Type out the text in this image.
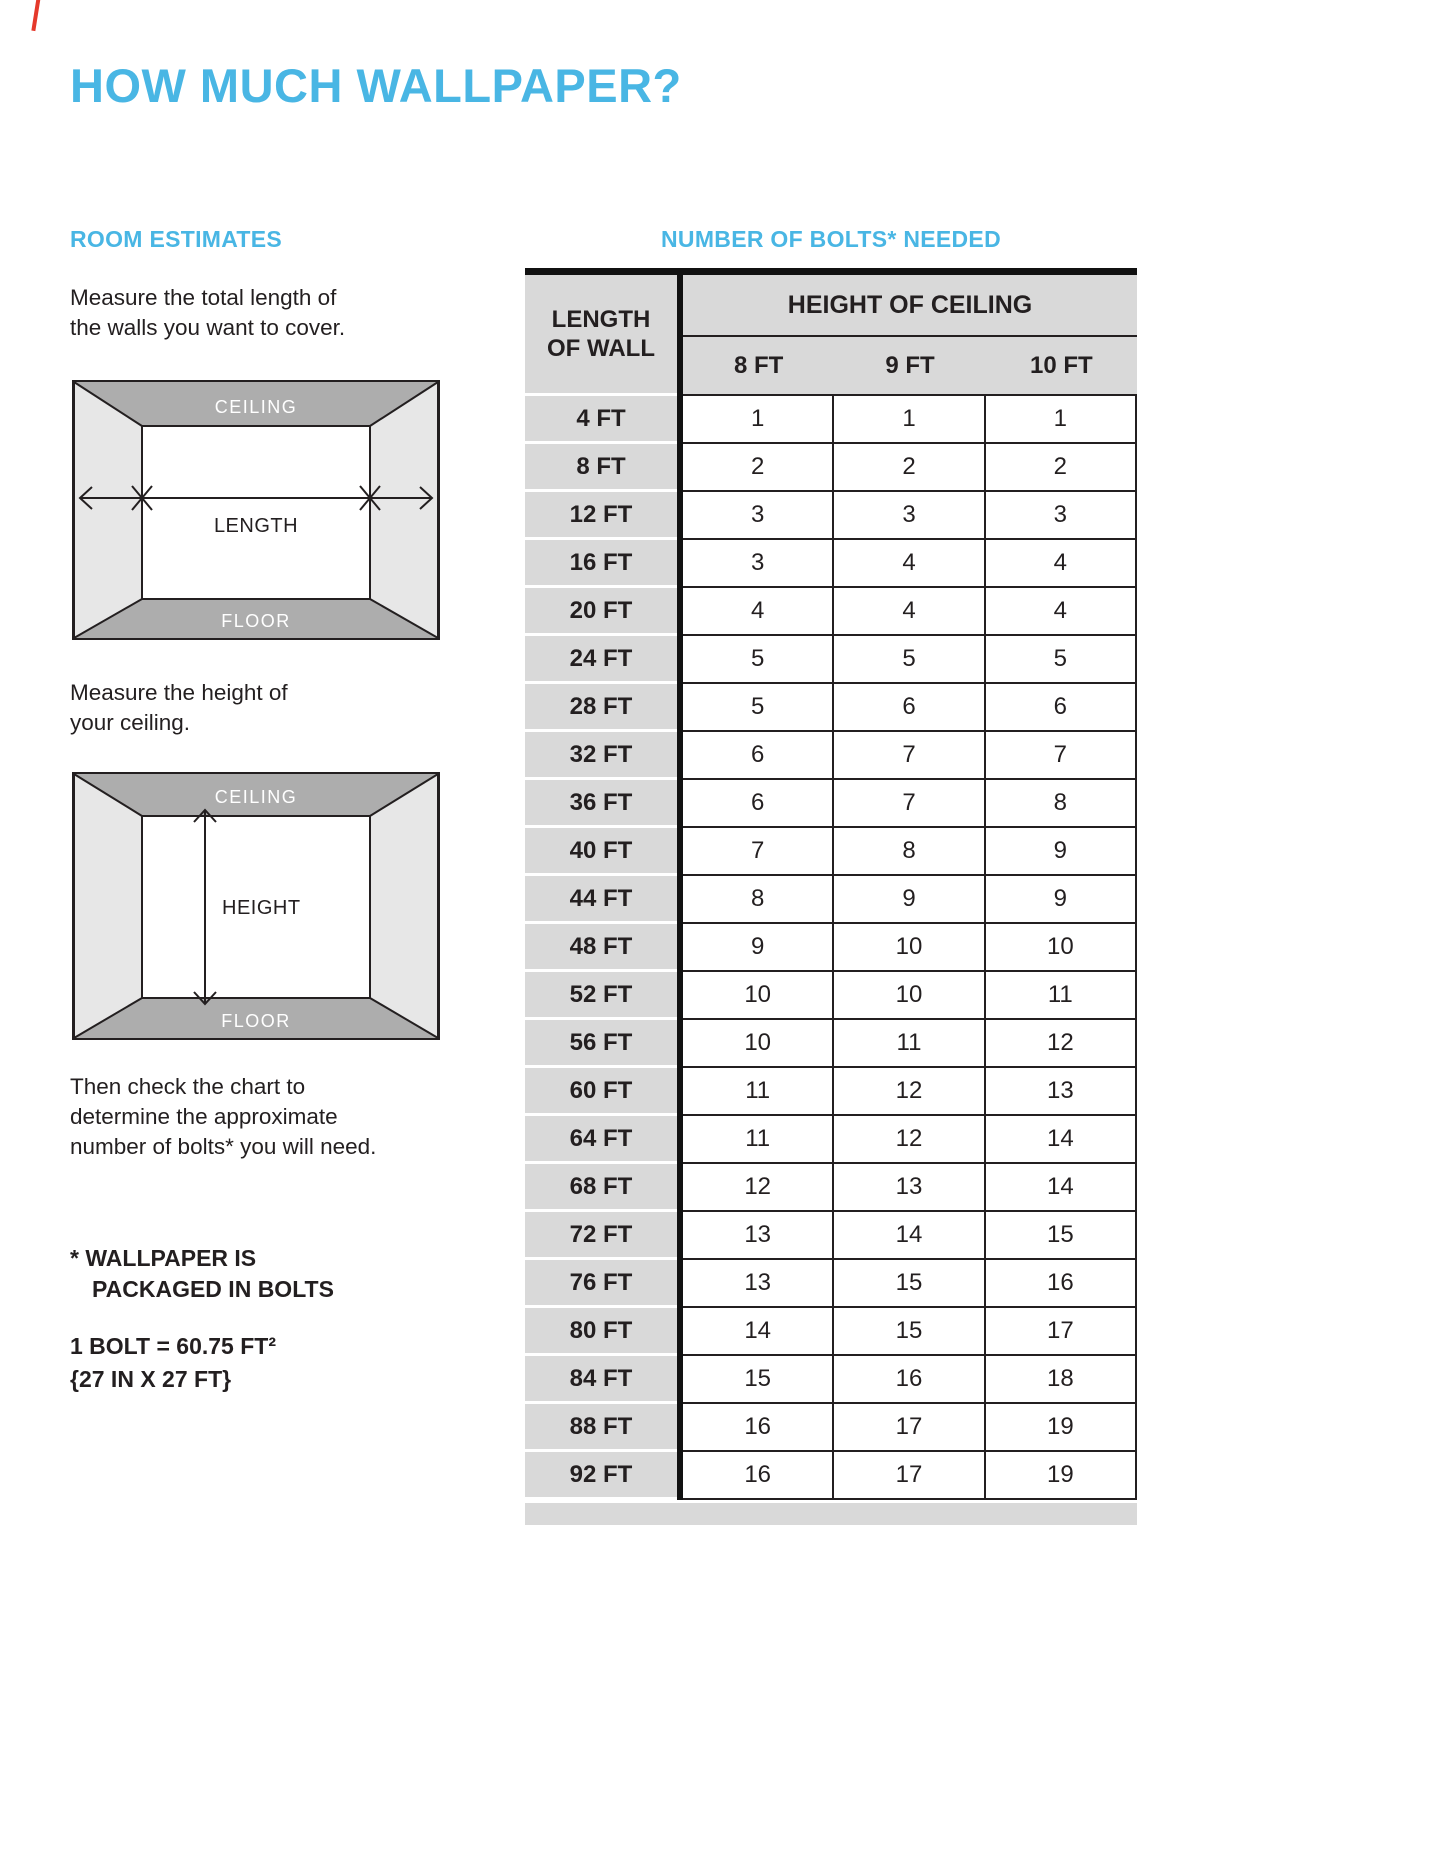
HOW MUCH WALLPAPER?
ROOM ESTIMATES	NUMBER OF BOLTS* NEEDED
Measure the total length of
the walls you want to cover.
CEILING
FLOOR
LENGTH
Measure the height of
your ceiling.
CEILING
FLOOR
HEIGHT
Then check the chart to
determine the approximate
number of bolts* you will need.
* WALLPAPER IS
PACKAGED IN BOLTS
1 BOLT = 60.75 FT²
{27 IN X 27 FT}
LENGTH
OF WALL
HEIGHT OF CEILING
8 FT	9 FT	10 FT
4 FT	1	1	1
8 FT	2	2	2
12 FT	3	3	3
16 FT	3	4	4
20 FT	4	4	4
24 FT	5	5	5
28 FT	5	6	6
32 FT	6	7	7
36 FT	6	7	8
40 FT	7	8	9
44 FT	8	9	9
48 FT	9	10	10
52 FT	10	10	11
56 FT	10	11	12
60 FT	11	12	13
64 FT	11	12	14
68 FT	12	13	14
72 FT	13	14	15
76 FT	13	15	16
80 FT	14	15	17
84 FT	15	16	18
88 FT	16	17	19
92 FT	16	17	19
